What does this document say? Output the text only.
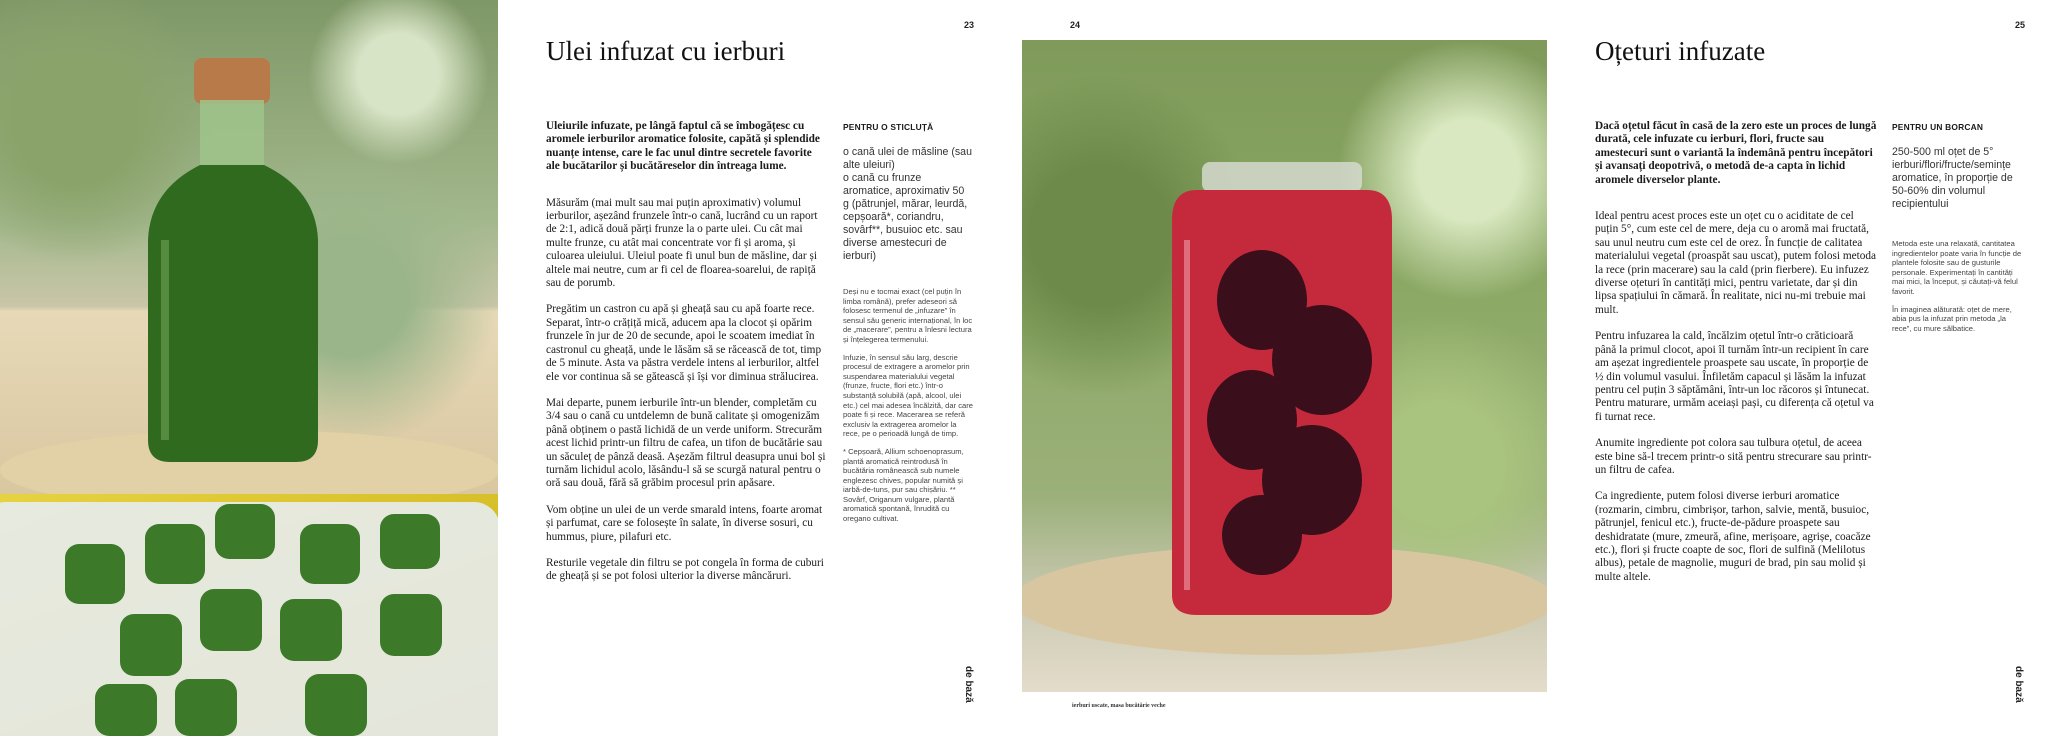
23
Ulei infuzat cu ierburi

Uleiurile infuzate, pe lângă faptul că se îmbogățesc cu aromele ierburilor aromatice folosite, capătă și splendide nuanțe intense, care le fac unul dintre secretele favorite ale bucătarilor și bucătăreselor din întreaga lume.

Măsurăm (mai mult sau mai puțin aproximativ) volumul ierburilor, așezând frunzele într-o cană, lucrând cu un raport de 2:1, adică două părți frunze la o parte ulei. Cu cât mai multe frunze, cu atât mai concentrate vor fi și aroma, și culoarea uleiului. Uleiul poate fi unul bun de măsline, dar și altele mai neutre, cum ar fi cel de floarea-soarelui, de rapiță sau de porumb.

Pregătim un castron cu apă și gheață sau cu apă foarte rece. Separat, într-o crățiță mică, aducem apa la clocot și opărim frunzele în jur de 20 de secunde, apoi le scoatem imediat în castronul cu gheață, unde le lăsăm să se răcească de tot, timp de 5 minute. Asta va păstra verdele intens al ierburilor, altfel ele vor continua să se gătească și își vor diminua strălucirea.

Mai departe, punem ierburile într-un blender, completăm cu 3/4 sau o cană cu untdelemn de bună calitate și omogenizăm până obținem o pastă lichidă de un verde uniform. Strecurăm acest lichid printr-un filtru de cafea, un tifon de bucătărie sau un săculeț de pânză deasă. Așezăm filtrul deasupra unui bol și turnăm lichidul acolo, lăsându-l să se scurgă natural pentru o oră sau două, fără să grăbim procesul prin apăsare.

Vom obține un ulei de un verde smarald intens, foarte aromat și parfumat, care se folosește în salate, în diverse sosuri, cu hummus, piure, pilafuri etc.

Resturile vegetale din filtru se pot congela în forma de cuburi de gheață și se pot folosi ulterior la diverse mâncăruri.

PENTRU O STICLUȚĂ
o cană ulei de măsline (sau alte uleiuri)
o cană cu frunze aromatice, aproximativ 50 g (pătrunjel, mărar, leurdă, cepșoară*, coriandru, sovârf**, busuioc etc. sau diverse amestecuri de ierburi)

Deși nu e tocmai exact (cel puțin în limba română), prefer adeseori să folosesc termenul de „infuzare” în sensul său generic internațional, în loc de „macerare”, pentru a înlesni lectura și înțelegerea termenului.

Infuzie, în sensul său larg, descrie procesul de extragere a aromelor prin suspendarea materialului vegetal (frunze, fructe, flori etc.) într-o substanță solubilă (apă, alcool, ulei etc.) cel mai adesea încălzită, dar care poate fi și rece. Macerarea se referă exclusiv la extragerea aromelor la rece, pe o perioadă lungă de timp.

* Cepșoară, Allium schoenoprasum, plantă aromatică reintrodusă în bucătăria românească sub numele englezesc chives, popular numită și iarbă-de-tuns, pur sau chișăriu. ** Sovârf, Origanum vulgare, plantă aromatică spontană, înrudită cu oregano cultivat.

de bază
24
ierburi uscate, masa bucătărie veche
25
Oțeturi infuzate

Dacă oțetul făcut în casă de la zero este un proces de lungă durată, cele infuzate cu ierburi, flori, fructe sau amestecuri sunt o variantă la îndemână pentru începători și avansați deopotrivă, o metodă de-a capta în lichid aromele diverselor plante.

Ideal pentru acest proces este un oțet cu o aciditate de cel puțin 5°, cum este cel de mere, deja cu o aromă mai fructată, sau unul neutru cum este cel de orez. În funcție de calitatea materialului vegetal (proaspăt sau uscat), putem folosi metoda la rece (prin macerare) sau la cald (prin fierbere). Eu infuzez diverse oțeturi în cantități mici, pentru varietate, dar și din lipsa spațiului în cămară. În realitate, nici nu-mi trebuie mai mult.

Pentru infuzarea la cald, încălzim oțetul într-o crăticioară până la primul clocot, apoi îl turnăm într-un recipient în care am așezat ingredientele proaspete sau uscate, în proporție de ½ din volumul vasului. Înfiletăm capacul și lăsăm la infuzat pentru cel puțin 3 săptămâni, într-un loc răcoros și întunecat. Pentru maturare, urmăm aceiași pași, cu diferența că oțetul va fi turnat rece.

Anumite ingrediente pot colora sau tulbura oțetul, de aceea este bine să-l trecem printr-o sită pentru strecurare sau printr-un filtru de cafea.

Ca ingrediente, putem folosi diverse ierburi aromatice (rozmarin, cimbru, cimbrișor, tarhon, salvie, mentă, busuioc, pătrunjel, fenicul etc.), fructe-de-pădure proaspete sau deshidratate (mure, zmeură, afine, merișoare, agrișe, coacăze etc.), flori și fructe coapte de soc, flori de sulfină (Melilotus albus), petale de magnolie, muguri de brad, pin sau molid și multe altele.

PENTRU UN BORCAN
250-500 ml oțet de 5° ierburi/flori/fructe/semințe aromatice, în proporție de 50-60% din volumul recipientului

Metoda este una relaxată, cantitatea ingredientelor poate varia în funcție de plantele folosite sau de gusturile personale. Experimentați în cantități mai mici, la început, și căutați-vă felul favorit.

În imaginea alăturată: oțet de mere, abia pus la infuzat prin metoda „la rece”, cu mure sălbatice.

de bază
